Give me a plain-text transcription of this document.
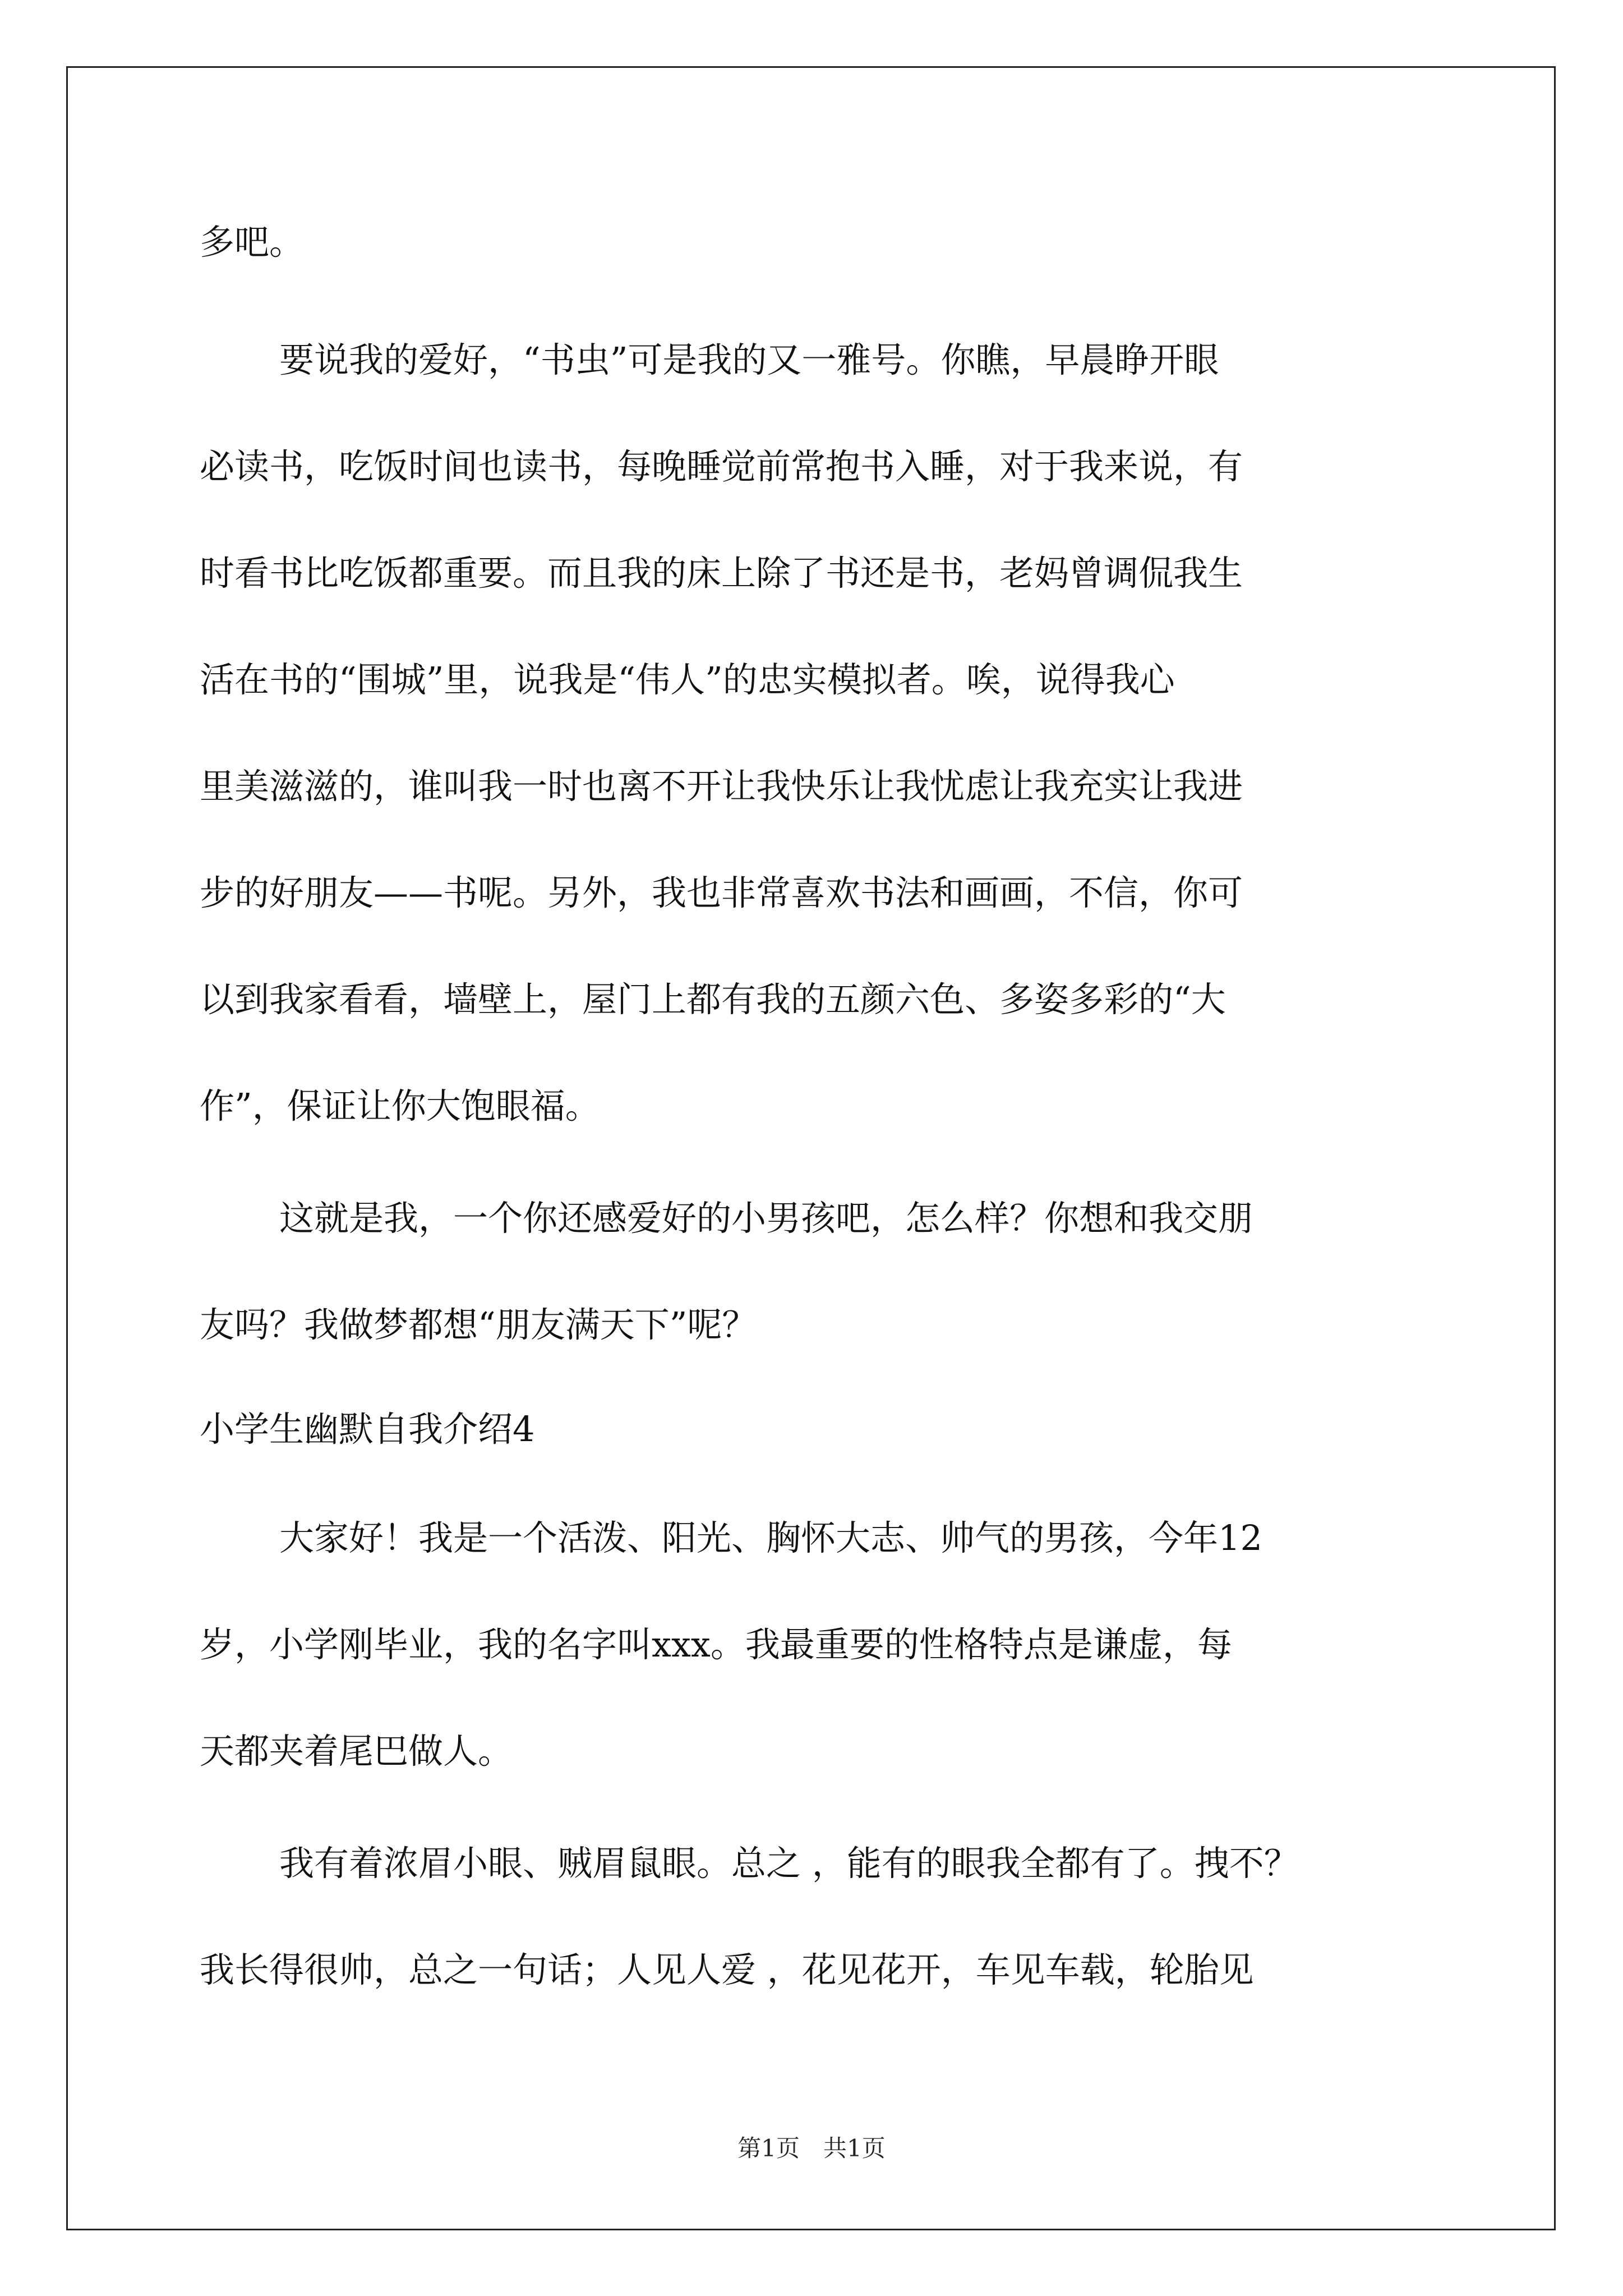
多吧。
要说我的爱好，“书虫”可是我的又一雅号。你瞧，早晨睁开眼
必读书，吃饭时间也读书，每晚睡觉前常抱书入睡，对于我来说，有
时看书比吃饭都重要。而且我的床上除了书还是书，老妈曾调侃我生
活在书的“围城”里，说我是“伟人”的忠实模拟者。唉，说得我心
里美滋滋的，谁叫我一时也离不开让我快乐让我忧虑让我充实让我进
步的好朋友——书呢。另外，我也非常喜欢书法和画画，不信，你可
以到我家看看，墙壁上，屋门上都有我的五颜六色、多姿多彩的“大
作”，保证让你大饱眼福。
这就是我，一个你还感爱好的小男孩吧，怎么样？你想和我交朋
友吗？我做梦都想“朋友满天下”呢？
小学生幽默自我介绍4
大家好！我是一个活泼、阳光、胸怀大志、帅气的男孩，今年12
岁，小学刚毕业，我的名字叫xxx。我最重要的性格特点是谦虚，每
天都夹着尾巴做人。
我有着浓眉小眼、贼眉鼠眼。总之 ，能有的眼我全都有了。拽不？
我长得很帅，总之一句话；人见人爱 ，花见花开，车见车载，轮胎见
第1页　共1页
